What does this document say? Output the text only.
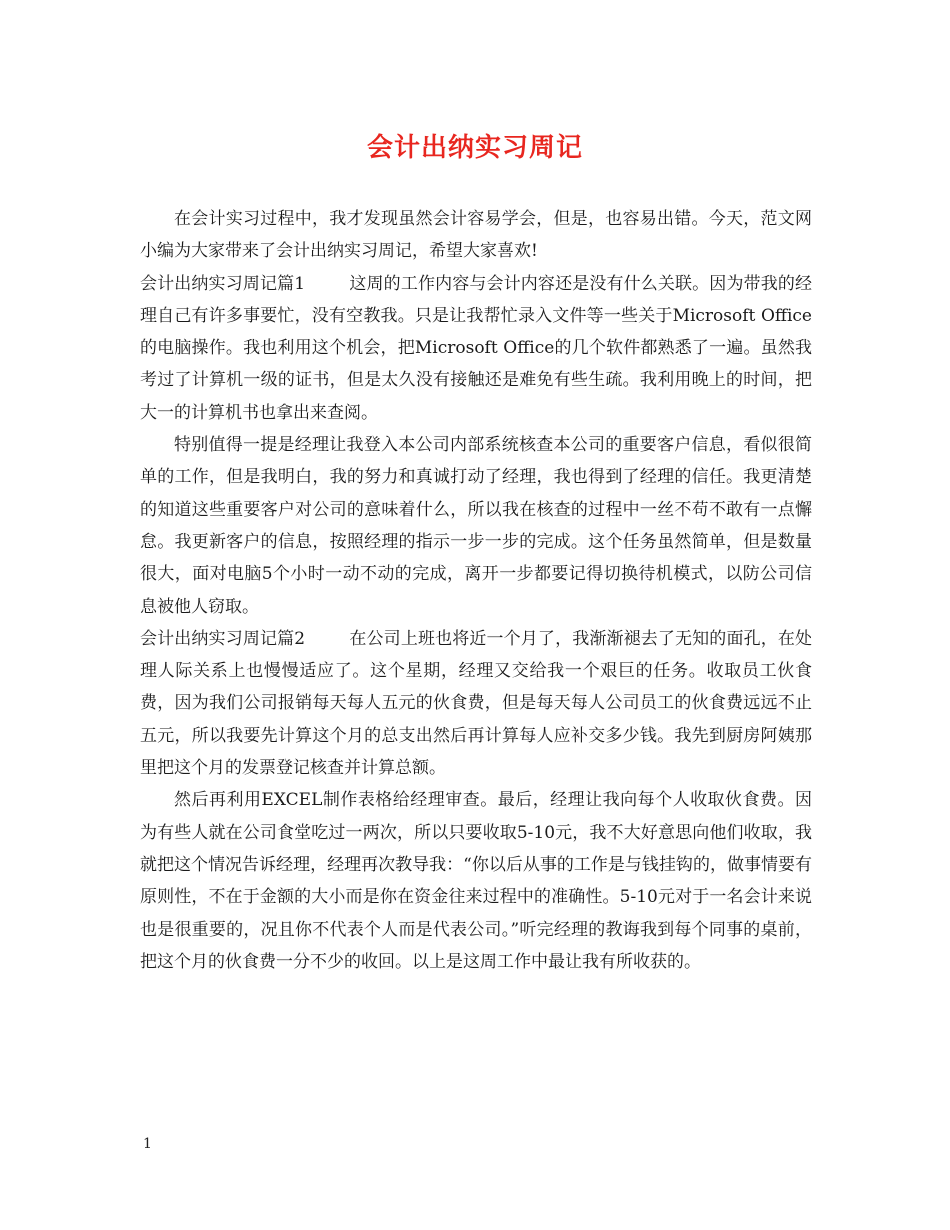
会计出纳实习周记

在会计实习过程中，我才发现虽然会计容易学会，但是，也容易出错。今天，范文网小编为大家带来了会计出纳实习周记，希望大家喜欢!

会计出纳实习周记篇1	这周的工作内容与会计内容还是没有什么关联。因为带我的经理自己有许多事要忙，没有空教我。只是让我帮忙录入文件等一些关于Microsoft Office的电脑操作。我也利用这个机会，把Microsoft Office的几个软件都熟悉了一遍。虽然我考过了计算机一级的证书，但是太久没有接触还是难免有些生疏。我利用晚上的时间，把大一的计算机书也拿出来查阅。

特别值得一提是经理让我登入本公司内部系统核查本公司的重要客户信息，看似很简单的工作，但是我明白，我的努力和真诚打动了经理，我也得到了经理的信任。我更清楚的知道这些重要客户对公司的意味着什么，所以我在核查的过程中一丝不苟不敢有一点懈怠。我更新客户的信息，按照经理的指示一步一步的完成。这个任务虽然简单，但是数量很大，面对电脑5个小时一动不动的完成，离开一步都要记得切换待机模式，以防公司信息被他人窃取。

会计出纳实习周记篇2	在公司上班也将近一个月了，我渐渐褪去了无知的面孔，在处理人际关系上也慢慢适应了。这个星期，经理又交给我一个艰巨的任务。收取员工伙食费，因为我们公司报销每天每人五元的伙食费，但是每天每人公司员工的伙食费远远不止五元，所以我要先计算这个月的总支出然后再计算每人应补交多少钱。我先到厨房阿姨那里把这个月的发票登记核查并计算总额。

然后再利用EXCEL制作表格给经理审查。最后，经理让我向每个人收取伙食费。因为有些人就在公司食堂吃过一两次，所以只要收取5-10元，我不大好意思向他们收取，我就把这个情况告诉经理，经理再次教导我：“你以后从事的工作是与钱挂钩的，做事情要有原则性，不在于金额的大小而是你在资金往来过程中的准确性。5-10元对于一名会计来说也是很重要的，况且你不代表个人而是代表公司。”听完经理的教诲我到每个同事的桌前，把这个月的伙食费一分不少的收回。以上是这周工作中最让我有所收获的。

1
